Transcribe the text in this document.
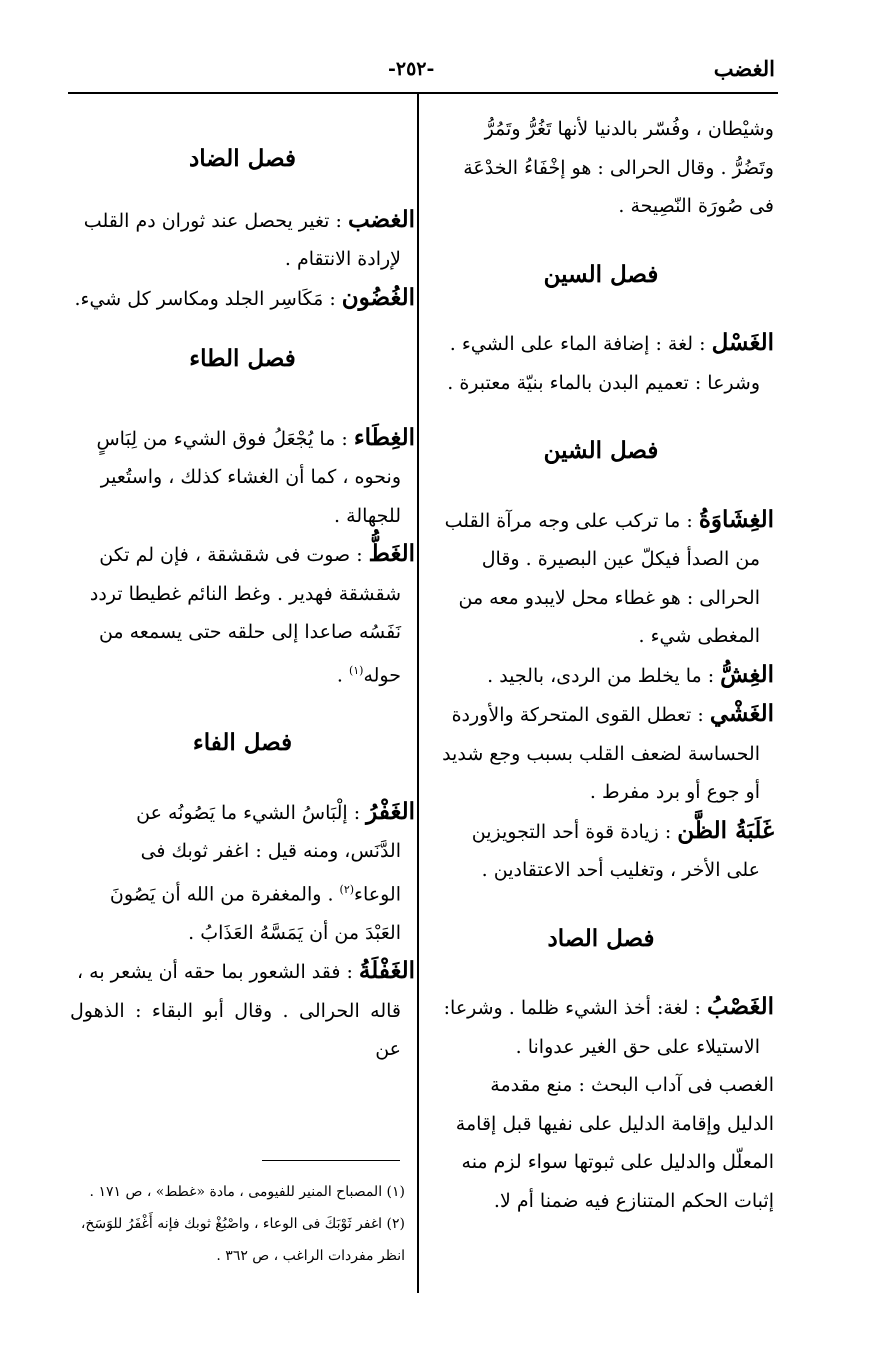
الغضب
-٢٥٢-

وشيْطان ، وفُسّر بالدنيا لأنها تَغُرُّ وتَمُرُّ

وتَضُرُّ . وقال الحرالى : هو إخْفَاءُ الخدْعَة

فى صُورَة النّصِيحة .

فصل السين

الغَسْل : لغة : إضافة الماء على الشيء .

وشرعا : تعميم البدن بالماء بنيّة معتبرة .

فصل الشين

الغِشَاوَةُ : ما تركب على وجه مرآة القلب

من الصدأ فيكلّ عين البصيرة . وقال

الحرالى : هو غطاء محل لايبدو معه من

المغطى شيء .

الغِشُّ : ما يخلط من الردى، بالجيد .

الغَشْي : تعطل القوى المتحركة والأوردة

الحساسة لضعف القلب بسبب وجع شديد

أو جوع أو برد مفرط .

غَلَبَةُ الظَّن : زيادة قوة أحد التجويزين

على الأخر ، وتغليب أحد الاعتقادين .

فصل الصاد

الغَصْبُ : لغة: أخذ الشيء ظلما . وشرعا:

الاستيلاء على حق الغير عدوانا .

الغصب فى آداب البحث : منع مقدمة

الدليل وإقامة الدليل على نفيها قبل إقامة

المعلّل والدليل على ثبوتها سواء لزم منه

إثبات الحكم المتنازع فيه ضمنا أم لا.

فصل الضاد

الغضب : تغير يحصل عند ثوران دم القلب

لإرادة الانتقام .

الغُضُون : مَكَاسِر الجلد ومكاسر كل شيء.

فصل الطاء

الغِطَاء : ما يُجْعَلُ فوق الشيء من لِبَاسٍ

ونحوه ، كما أن الغشاء كذلك ، واستُعير

للجهالة .

الغَطُّ : صوت فى شقشقة ، فإن لم تكن

شقشقة فهدير . وغط النائم غطيطا تردد

نَفَسُه صاعدا إلى حلقه حتى يسمعه من

حوله$^{(١)}$ .

فصل الفاء

الغَفْرُ : إلْبَاسُ الشيء ما يَصُونُه عن

الدَّنَس، ومنه قيل : اغفر ثوبك فى

الوعاء$^{(٢)}$ . والمغفرة من الله أن يَصُونَ

العَبْدَ من أن يَمَسَّهُ العَذَابُ .

الغَفْلَةُ : فقد الشعور بما حقه أن يشعر به ،

قاله الحرالى . وقال أبو البقاء : الذهول عن

(١) المصباح المنير للفيومى ، مادة «غطط» ، ص ١٧١ .

(٢) اغفر ثَوْبَكَ فى الوعاء ، واصْبُغْ ثوبك فإنه أَغْفَرُ للوَسَخ،

انظر مفردات الراغب ، ص ٣٦٢ .
